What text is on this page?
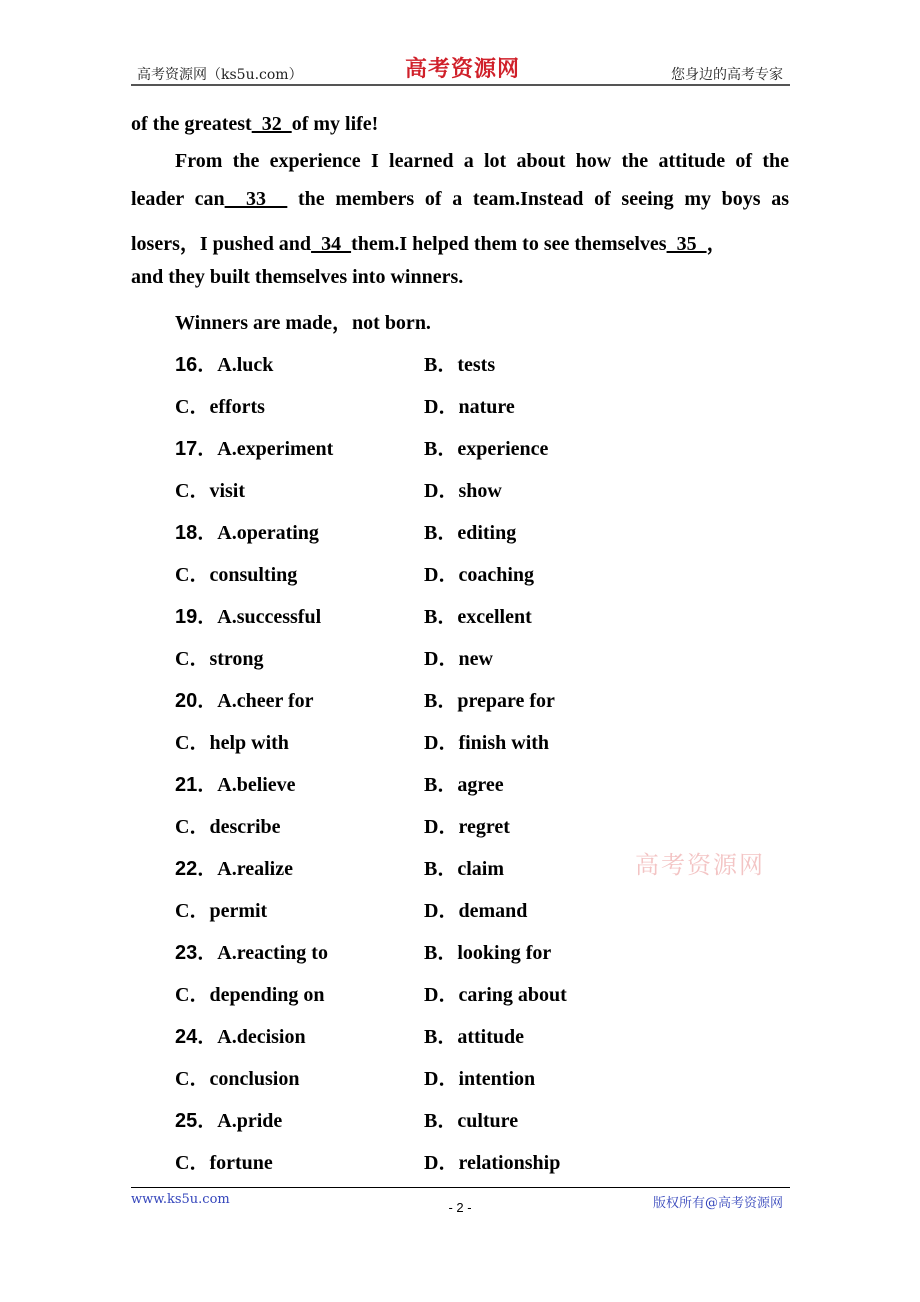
高考资源网（ks5u.com）	高考资源网	您身边的高考专家
of the greatest  32  of my life!
From the experience I learned a lot about how the attitude of the
leader can  33   the members of a team.Instead of seeing my boys as
losers，I pushed and  34  them.I helped them to see themselves  35  ，
and they built themselves into winners.
Winners are made，not born.
16．A.luck	B．tests
C．efforts	D．nature
17．A.experiment	B．experience
C．visit	D．show
18．A.operating	B．editing
C．consulting	D．coaching
19．A.successful	B．excellent
C．strong	D．new
20．A.cheer for	B．prepare for
C．help with	D．finish with
21．A.believe	B．agree
C．describe	D．regret
22．A.realize	B．claim
C．permit	D．demand
23．A.reacting to	B．looking for
C．depending on	D．caring about
24．A.decision	B．attitude
C．conclusion	D．intention
25．A.pride	B．culture
C．fortune	D．relationship
高考资源网
www.ks5u.com
- 2 -	版权所有@高考资源网
